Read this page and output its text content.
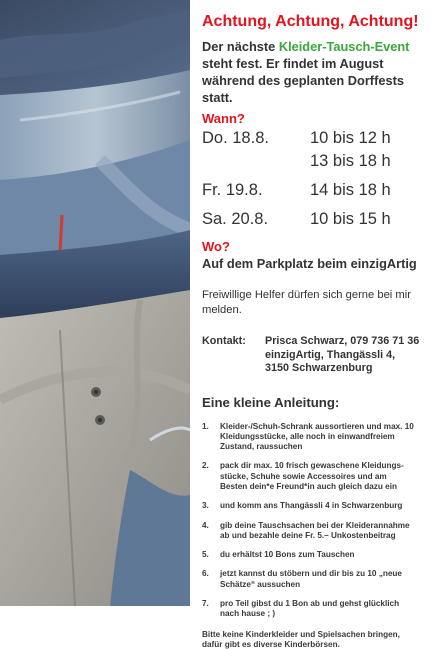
Achtung, Achtung, Achtung!
Der nächste Kleider-Tausch-Event
steht fest. Er findet im August
während des geplanten Dorffests
statt.
Wann?
Do. 18.8.	10 bis 12 h
13 bis 18 h
Fr. 19.8.	14 bis 18 h
Sa. 20.8.	10 bis 15 h
Wo?
Auf dem Parkplatz beim einzigArtig
Freiwillige Helfer dürfen sich gerne bei mir
melden.
Kontakt:	Prisca Schwarz, 079 736 71 36
einzigArtig, Thangässli 4,
3150 Schwarzenburg
Eine kleine Anleitung:
1.	Kleider-/Schuh-Schrank aussortieren und max. 10
Kleidungsstücke, alle noch in einwandfreiem
Zustand, raussuchen
2.	pack dir max. 10 frisch gewaschene Kleidungs-
stücke, Schuhe sowie Accessoires und am
Besten dein*e Freund*in auch gleich dazu ein
3.	und komm ans Thangässli 4 in Schwarzenburg
4.	gib deine Tauschsachen bei der Kleiderannahme
ab und bezahle deine Fr. 5.– Unkostenbeitrag
5.	du erhältst 10 Bons zum Tauschen
6.	jetzt kannst du stöbern und dir bis zu 10 „neue
Schätze“ aussuchen
7.	pro Teil gibst du 1 Bon ab und gehst glücklich
nach hause ; )
Bitte keine Kinderkleider und Spielsachen bringen,
dafür gibt es diverse Kinderbörsen.
